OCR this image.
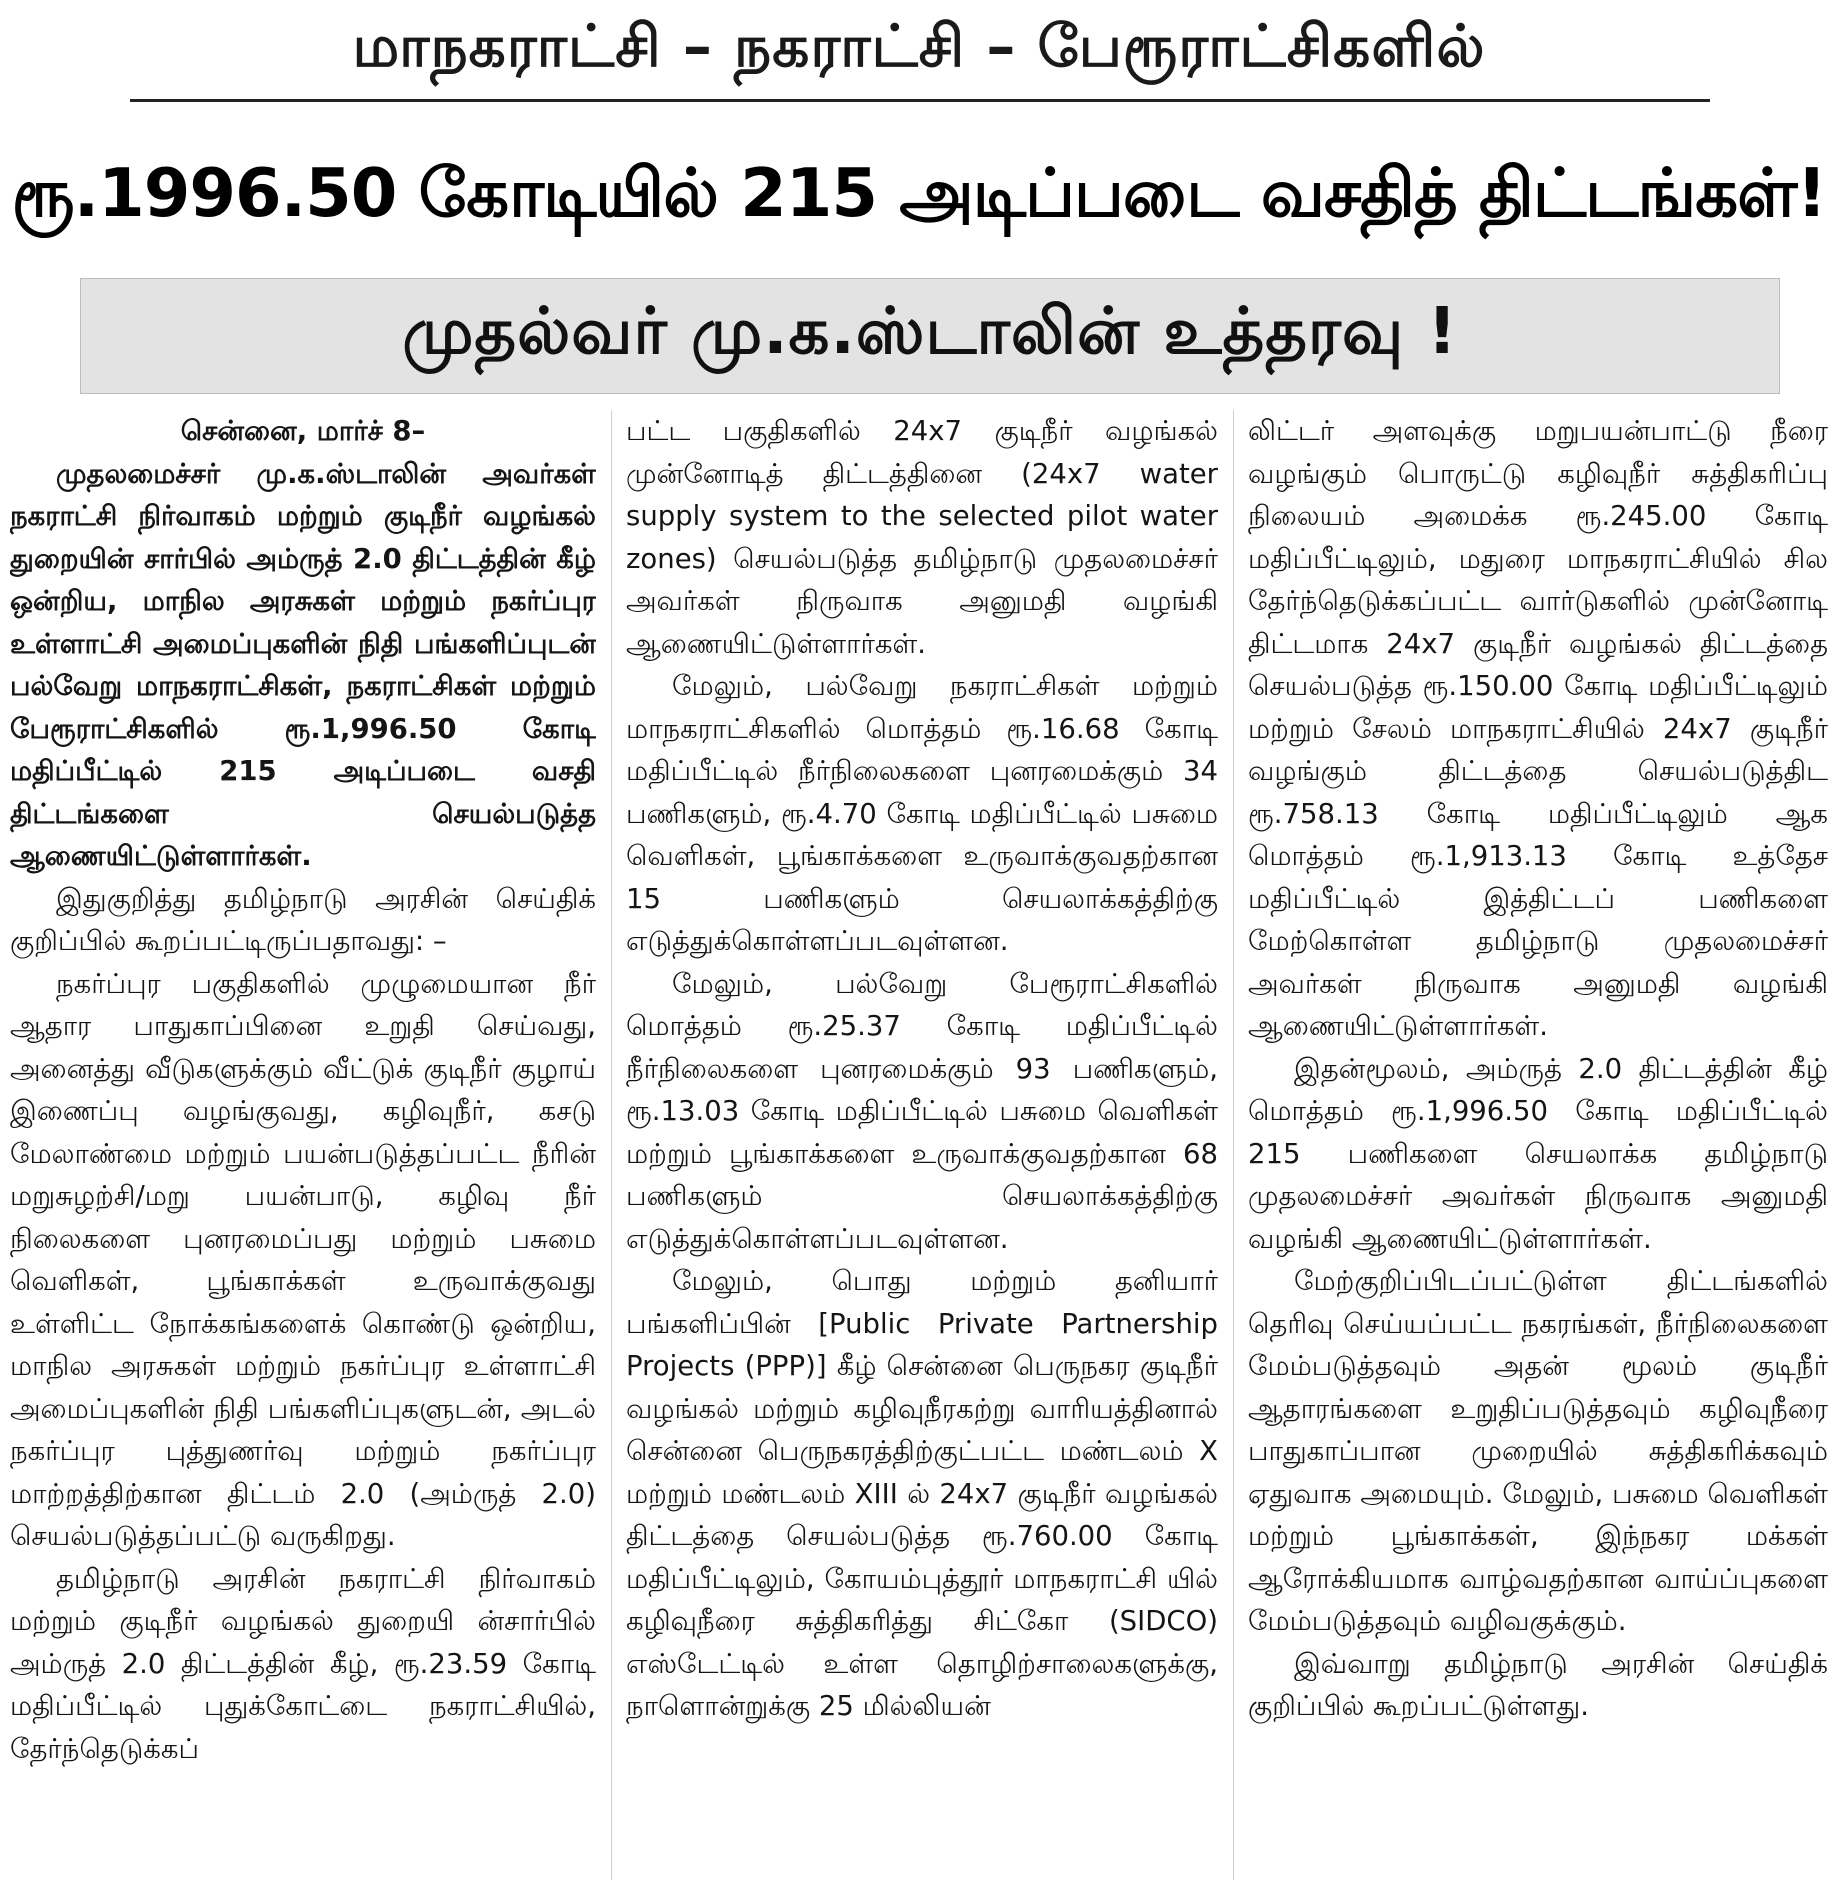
மாநகராட்சி – நகராட்சி – பேரூராட்சிகளில்
ரூ.1996.50 கோடியில் 215 அடிப்படை வசதித் திட்டங்கள்!
முதல்வர் மு.க.ஸ்டாலின் உத்தரவு !

சென்னை, மார்ச் 8–

முதலமைச்சர் மு.க.ஸ்டாலின் அவர்கள் நகராட்சி நிர்வாகம் மற்றும் குடிநீர் வழங்கல் துறையின் சார்பில் அம்ருத் 2.0 திட்டத்தின் கீழ் ஒன்றிய, மாநில அரசுகள் மற்றும் நகர்ப்புர உள்ளாட்சி அமைப்புகளின் நிதி பங்களிப்புடன் பல்வேறு மாநகராட்சிகள், நகராட்சிகள் மற்றும் பேரூராட்சிகளில் ரூ.1,996.50 கோடி மதிப்பீட்டில் 215 அடிப்படை வசதி திட்டங்களை செயல்படுத்த ஆணையிட்டுள்ளார்கள்.

இதுகுறித்து தமிழ்நாடு அரசின் செய்திக் குறிப்பில் கூறப்பட்டிருப்பதாவது: –

நகர்ப்புர பகுதிகளில் முழுமையான நீர் ஆதார பாதுகாப்பினை உறுதி செய்வது, அனைத்து வீடுகளுக்கும் வீட்டுக் குடிநீர் குழாய் இணைப்பு வழங்குவது, கழிவுநீர், கசடு மேலாண்மை மற்றும் பயன்படுத்தப்பட்ட நீரின் மறுசுழற்சி/மறு பயன்பாடு, கழிவு நீர் நிலைகளை புனரமைப்பது மற்றும் பசுமை வெளிகள், பூங்காக்கள் உருவாக்குவது உள்ளிட்ட நோக்கங்களைக் கொண்டு ஒன்றிய, மாநில அரசுகள் மற்றும் நகர்ப்புர உள்ளாட்சி அமைப்புகளின் நிதி பங்களிப்புகளுடன், அடல் நகர்ப்புர புத்துணர்வு மற்றும் நகர்ப்புர மாற்றத்திற்கான திட்டம் 2.0 (அம்ருத் 2.0) செயல்படுத்தப்பட்டு வருகிறது.

தமிழ்நாடு அரசின் நகராட்சி நிர்வாகம் மற்றும் குடிநீர் வழங்கல் துறையி ன்சார்பில் அம்ருத் 2.0 திட்டத்தின் கீழ், ரூ.23.59 கோடி மதிப்பீட்டில் புதுக்கோட்டை நகராட்சியில், தேர்ந்தெடுக்கப்

பட்ட பகுதிகளில் 24x7 குடிநீர் வழங்கல் முன்னோடித் திட்டத்தினை (24x7 water supply system to the selected pilot water zones) செயல்படுத்த தமிழ்நாடு முதலமைச்சர் அவர்கள் நிருவாக அனுமதி வழங்கி ஆணையிட்டுள்ளார்கள்.

மேலும், பல்வேறு நகராட்சிகள் மற்றும் மாநகராட்சிகளில் மொத்தம் ரூ.16.68 கோடி மதிப்பீட்டில் நீர்நிலைகளை புனரமைக்கும் 34 பணிகளும், ரூ.4.70 கோடி மதிப்பீட்டில் பசுமை வெளிகள், பூங்காக்களை உருவாக்குவதற்கான 15 பணிகளும் செயலாக்கத்திற்கு எடுத்துக்கொள்ளப்படவுள்ளன.

மேலும், பல்வேறு பேரூராட்சிகளில் மொத்தம் ரூ.25.37 கோடி மதிப்பீட்டில் நீர்நிலைகளை புனரமைக்கும் 93 பணிகளும், ரூ.13.03 கோடி மதிப்பீட்டில் பசுமை வெளிகள் மற்றும் பூங்காக்களை உருவாக்குவதற்கான 68 பணிகளும் செயலாக்கத்திற்கு எடுத்துக்கொள்ளப்படவுள்ளன.

மேலும், பொது மற்றும் தனியார் பங்களிப்பின் [Public Private Partnership Projects (PPP)] கீழ் சென்னை பெருநகர குடிநீர் வழங்கல் மற்றும் கழிவுநீரகற்று வாரியத்தினால் சென்னை பெருநகரத்திற்குட்பட்ட மண்டலம் X மற்றும் மண்டலம் XIII ல் 24x7 குடிநீர் வழங்கல் திட்டத்தை செயல்படுத்த ரூ.760.00 கோடி மதிப்பீட்டிலும், கோயம்புத்தூர் மாநகராட்சி யில் கழிவுநீரை சுத்திகரித்து சிட்கோ (SIDCO) எஸ்டேட்டில் உள்ள தொழிற்சாலைகளுக்கு, நாளொன்றுக்கு 25 மில்லியன்

லிட்டர் அளவுக்கு மறுபயன்பாட்டு நீரை வழங்கும் பொருட்டு கழிவுநீர் சுத்திகரிப்பு நிலையம் அமைக்க ரூ.245.00 கோடி மதிப்பீட்டிலும், மதுரை மாநகராட்சியில் சில தேர்ந்தெடுக்கப்பட்ட வார்டுகளில் முன்னோடி திட்டமாக 24x7 குடிநீர் வழங்கல் திட்டத்தை செயல்படுத்த ரூ.150.00 கோடி மதிப்பீட்டிலும் மற்றும் சேலம் மாநகராட்சியில் 24x7 குடிநீர் வழங்கும் திட்டத்தை செயல்படுத்திட ரூ.758.13 கோடி மதிப்பீட்டிலும் ஆக மொத்தம் ரூ.1,913.13 கோடி உத்தேச மதிப்பீட்டில் இத்திட்டப் பணிகளை மேற்கொள்ள தமிழ்நாடு முதலமைச்சர் அவர்கள் நிருவாக அனுமதி வழங்கி ஆணையிட்டுள்ளார்கள்.

இதன்மூலம், அம்ருத் 2.0 திட்டத்தின் கீழ் மொத்தம் ரூ.1,996.50 கோடி மதிப்பீட்டில் 215 பணிகளை செயலாக்க தமிழ்நாடு முதலமைச்சர் அவர்கள் நிருவாக அனுமதி வழங்கி ஆணையிட்டுள்ளார்கள்.

மேற்குறிப்பிடப்பட்டுள்ள திட்டங்களில் தெரிவு செய்யப்பட்ட நகரங்கள், நீர்நிலைகளை மேம்படுத்தவும் அதன் மூலம் குடிநீர் ஆதாரங்களை உறுதிப்படுத்தவும் கழிவுநீரை பாதுகாப்பான முறையில் சுத்திகரிக்கவும் ஏதுவாக அமையும். மேலும், பசுமை வெளிகள் மற்றும் பூங்காக்கள், இந்நகர மக்கள் ஆரோக்கியமாக வாழ்வதற்கான வாய்ப்புகளை மேம்படுத்தவும் வழிவகுக்கும்.

இவ்வாறு தமிழ்நாடு அரசின் செய்திக் குறிப்பில் கூறப்பட்டுள்ளது.
